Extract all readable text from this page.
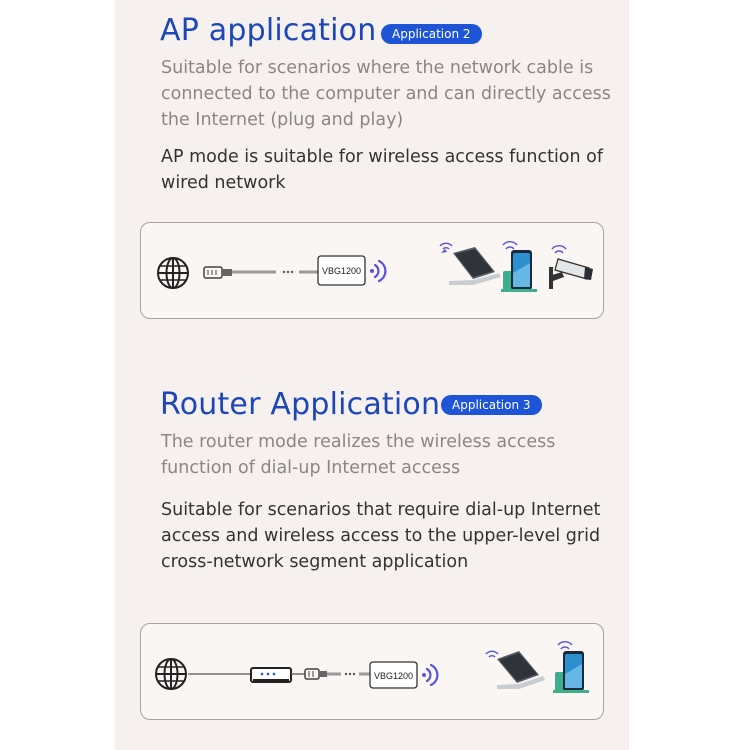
AP application	Application 2

Suitable for scenarios where the network cable is connected to the computer and can directly access the Internet (plug and play)

AP mode is suitable for wireless access function of wired network

VBG1200
Router Application Application 3

The router mode realizes the wireless access function of dial-up Internet access

Suitable for scenarios that require dial-up Internet access and wireless access to the upper-level grid cross-network segment application

VBG1200
